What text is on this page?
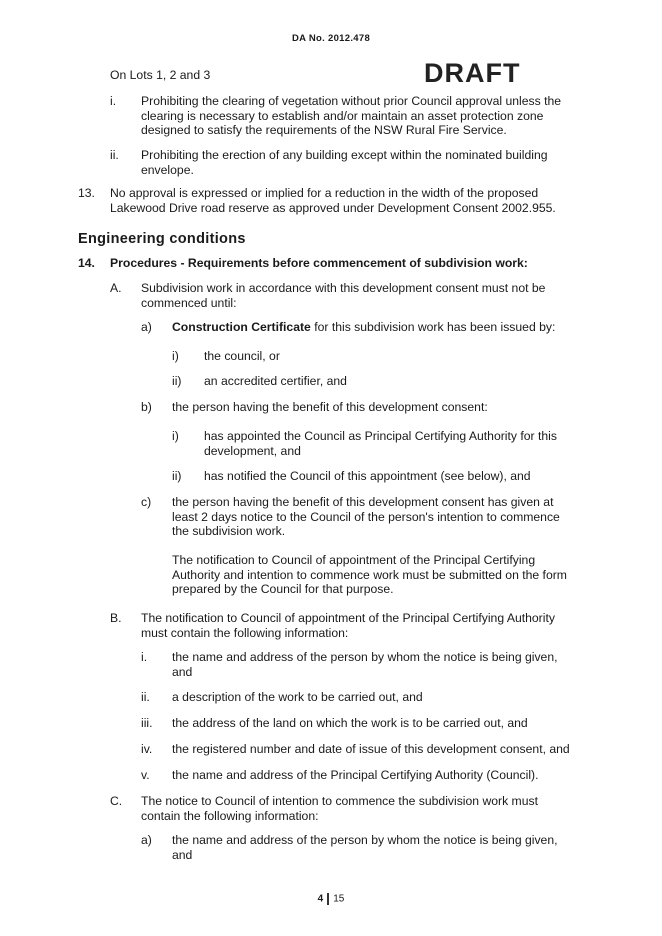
DA No. 2012.478
DRAFT
On Lots 1, 2 and 3
i. Prohibiting the clearing of vegetation without prior Council approval unless the clearing is necessary to establish and/or maintain an asset protection zone designed to satisfy the requirements of the NSW Rural Fire Service.
ii. Prohibiting the erection of any building except within the nominated building envelope.
13. No approval is expressed or implied for a reduction in the width of the proposed Lakewood Drive road reserve as approved under Development Consent 2002.955.
Engineering conditions
14. Procedures - Requirements before commencement of subdivision work:
A. Subdivision work in accordance with this development consent must not be commenced until:
a) Construction Certificate for this subdivision work has been issued by:
i) the council, or
ii) an accredited certifier, and
b) the person having the benefit of this development consent:
i) has appointed the Council as Principal Certifying Authority for this development, and
ii) has notified the Council of this appointment (see below), and
c) the person having the benefit of this development consent has given at least 2 days notice to the Council of the person's intention to commence the subdivision work.
The notification to Council of appointment of the Principal Certifying Authority and intention to commence work must be submitted on the form prepared by the Council for that purpose.
B. The notification to Council of appointment of the Principal Certifying Authority must contain the following information:
i. the name and address of the person by whom the notice is being given, and
ii. a description of the work to be carried out, and
iii. the address of the land on which the work is to be carried out, and
iv. the registered number and date of issue of this development consent, and
v. the name and address of the Principal Certifying Authority (Council).
C. The notice to Council of intention to commence the subdivision work must contain the following information:
a) the name and address of the person by whom the notice is being given, and
4 15
